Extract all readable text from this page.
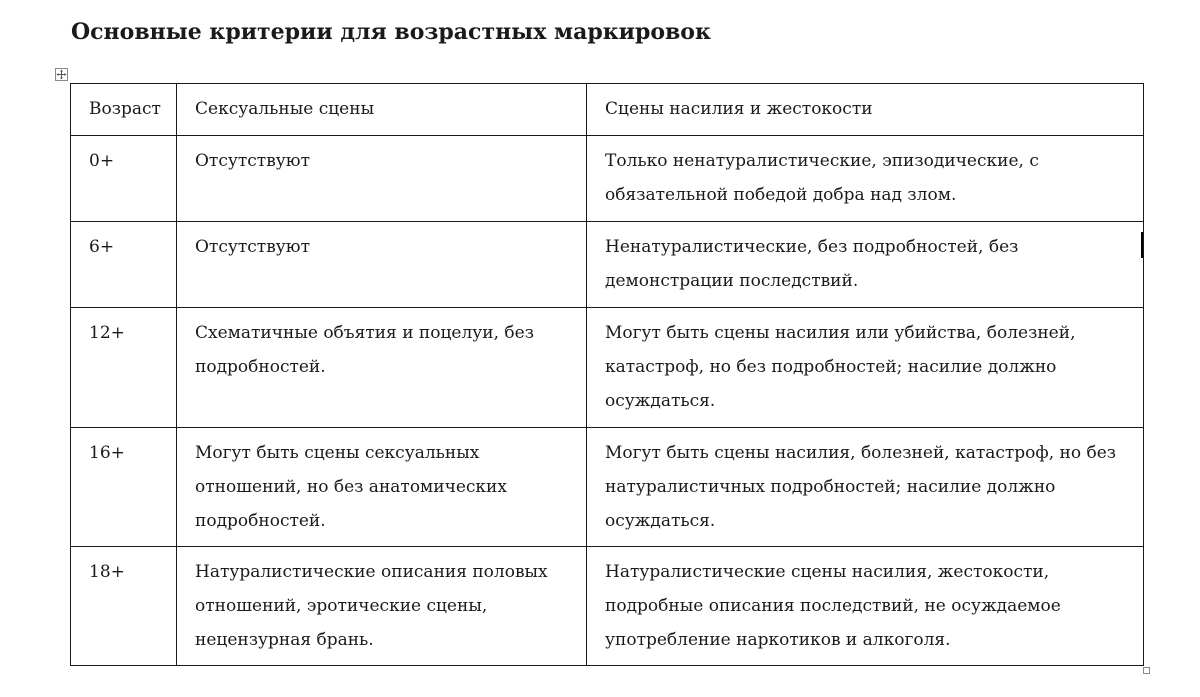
Основные критерии для возрастных маркировок
Возраст	Сексуальные сцены	Сцены насилия и жестокости
0+	Отсутствуют	Только ненатуралистические, эпизодические, с обязательной победой добра над злом.
6+	Отсутствуют	Ненатуралистические, без подробностей, без демонстрации последствий.
12+	Схематичные объятия и поцелуи, без подробностей.	Могут быть сцены насилия или убийства, болезней, катастроф, но без подробностей; насилие должно осуждаться.
16+	Могут быть сцены сексуальных отношений, но без анатомических подробностей.	Могут быть сцены насилия, болезней, катастроф, но без натуралистичных подробностей; насилие должно осуждаться.
18+	Натуралистические описания половых отношений, эротические сцены, нецензурная брань.	Натуралистические сцены насилия, жестокости, подробные описания последствий, не осуждаемое употребление наркотиков и алкоголя.
